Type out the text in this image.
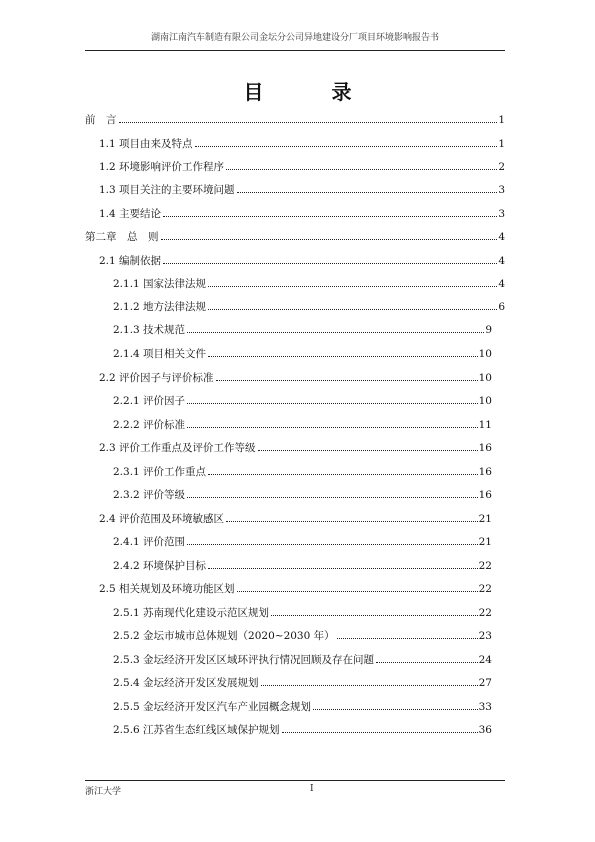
湖南江南汽车制造有限公司金坛分公司异地建设分厂项目环境影响报告书
目　录
前　言	1
1.1 项目由来及特点	1
1.2 环境影响评价工作程序	2
1.3 项目关注的主要环境问题	3
1.4 主要结论	3
第二章　总　则	4
2.1 编制依据	4
2.1.1 国家法律法规	4
2.1.2 地方法律法规	6
2.1.3 技术规范	9
2.1.4 项目相关文件	10
2.2 评价因子与评价标准	10
2.2.1 评价因子	10
2.2.2 评价标准	11
2.3 评价工作重点及评价工作等级	16
2.3.1 评价工作重点	16
2.3.2 评价等级	16
2.4 评价范围及环境敏感区	21
2.4.1 评价范围	21
2.4.2 环境保护目标	22
2.5 相关规划及环境功能区划	22
2.5.1 苏南现代化建设示范区规划	22
2.5.2 金坛市城市总体规划（2020~2030 年）	23
2.5.3 金坛经济开发区区域环评执行情况回顾及存在问题	24
2.5.4 金坛经济开发区发展规划	27
2.5.5 金坛经济开发区汽车产业园概念规划	33
2.5.6 江苏省生态红线区域保护规划	36
浙江大学	I
